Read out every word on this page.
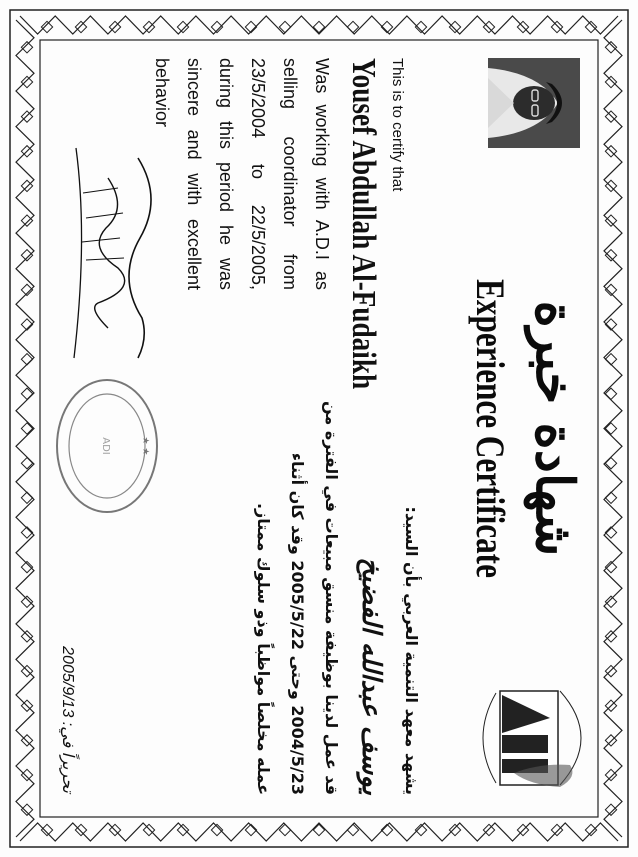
شهادة خبرة
Experience Certificate
This is to certify that
Yousef Abdullah Al-Fudaikh
Was working with A.D.I as selling coordinator from 23/5/2004 to 22/5/2005, during this period he was sincere and with excellent behavior
يشهد معهد التنمية العربي بأن السيد:
يوسف عبدالله الفضيخ
قد عمل لدينا بوظيفة منسق مبيعات في الفترة من
2004/5/23 وحتى 2005/5/22 وقد كان أثناء
عمله مخلصاً مواظباً وذو سلوك ممتاز.
★ ★
ADI
تحريراً في: 2005/9/13
